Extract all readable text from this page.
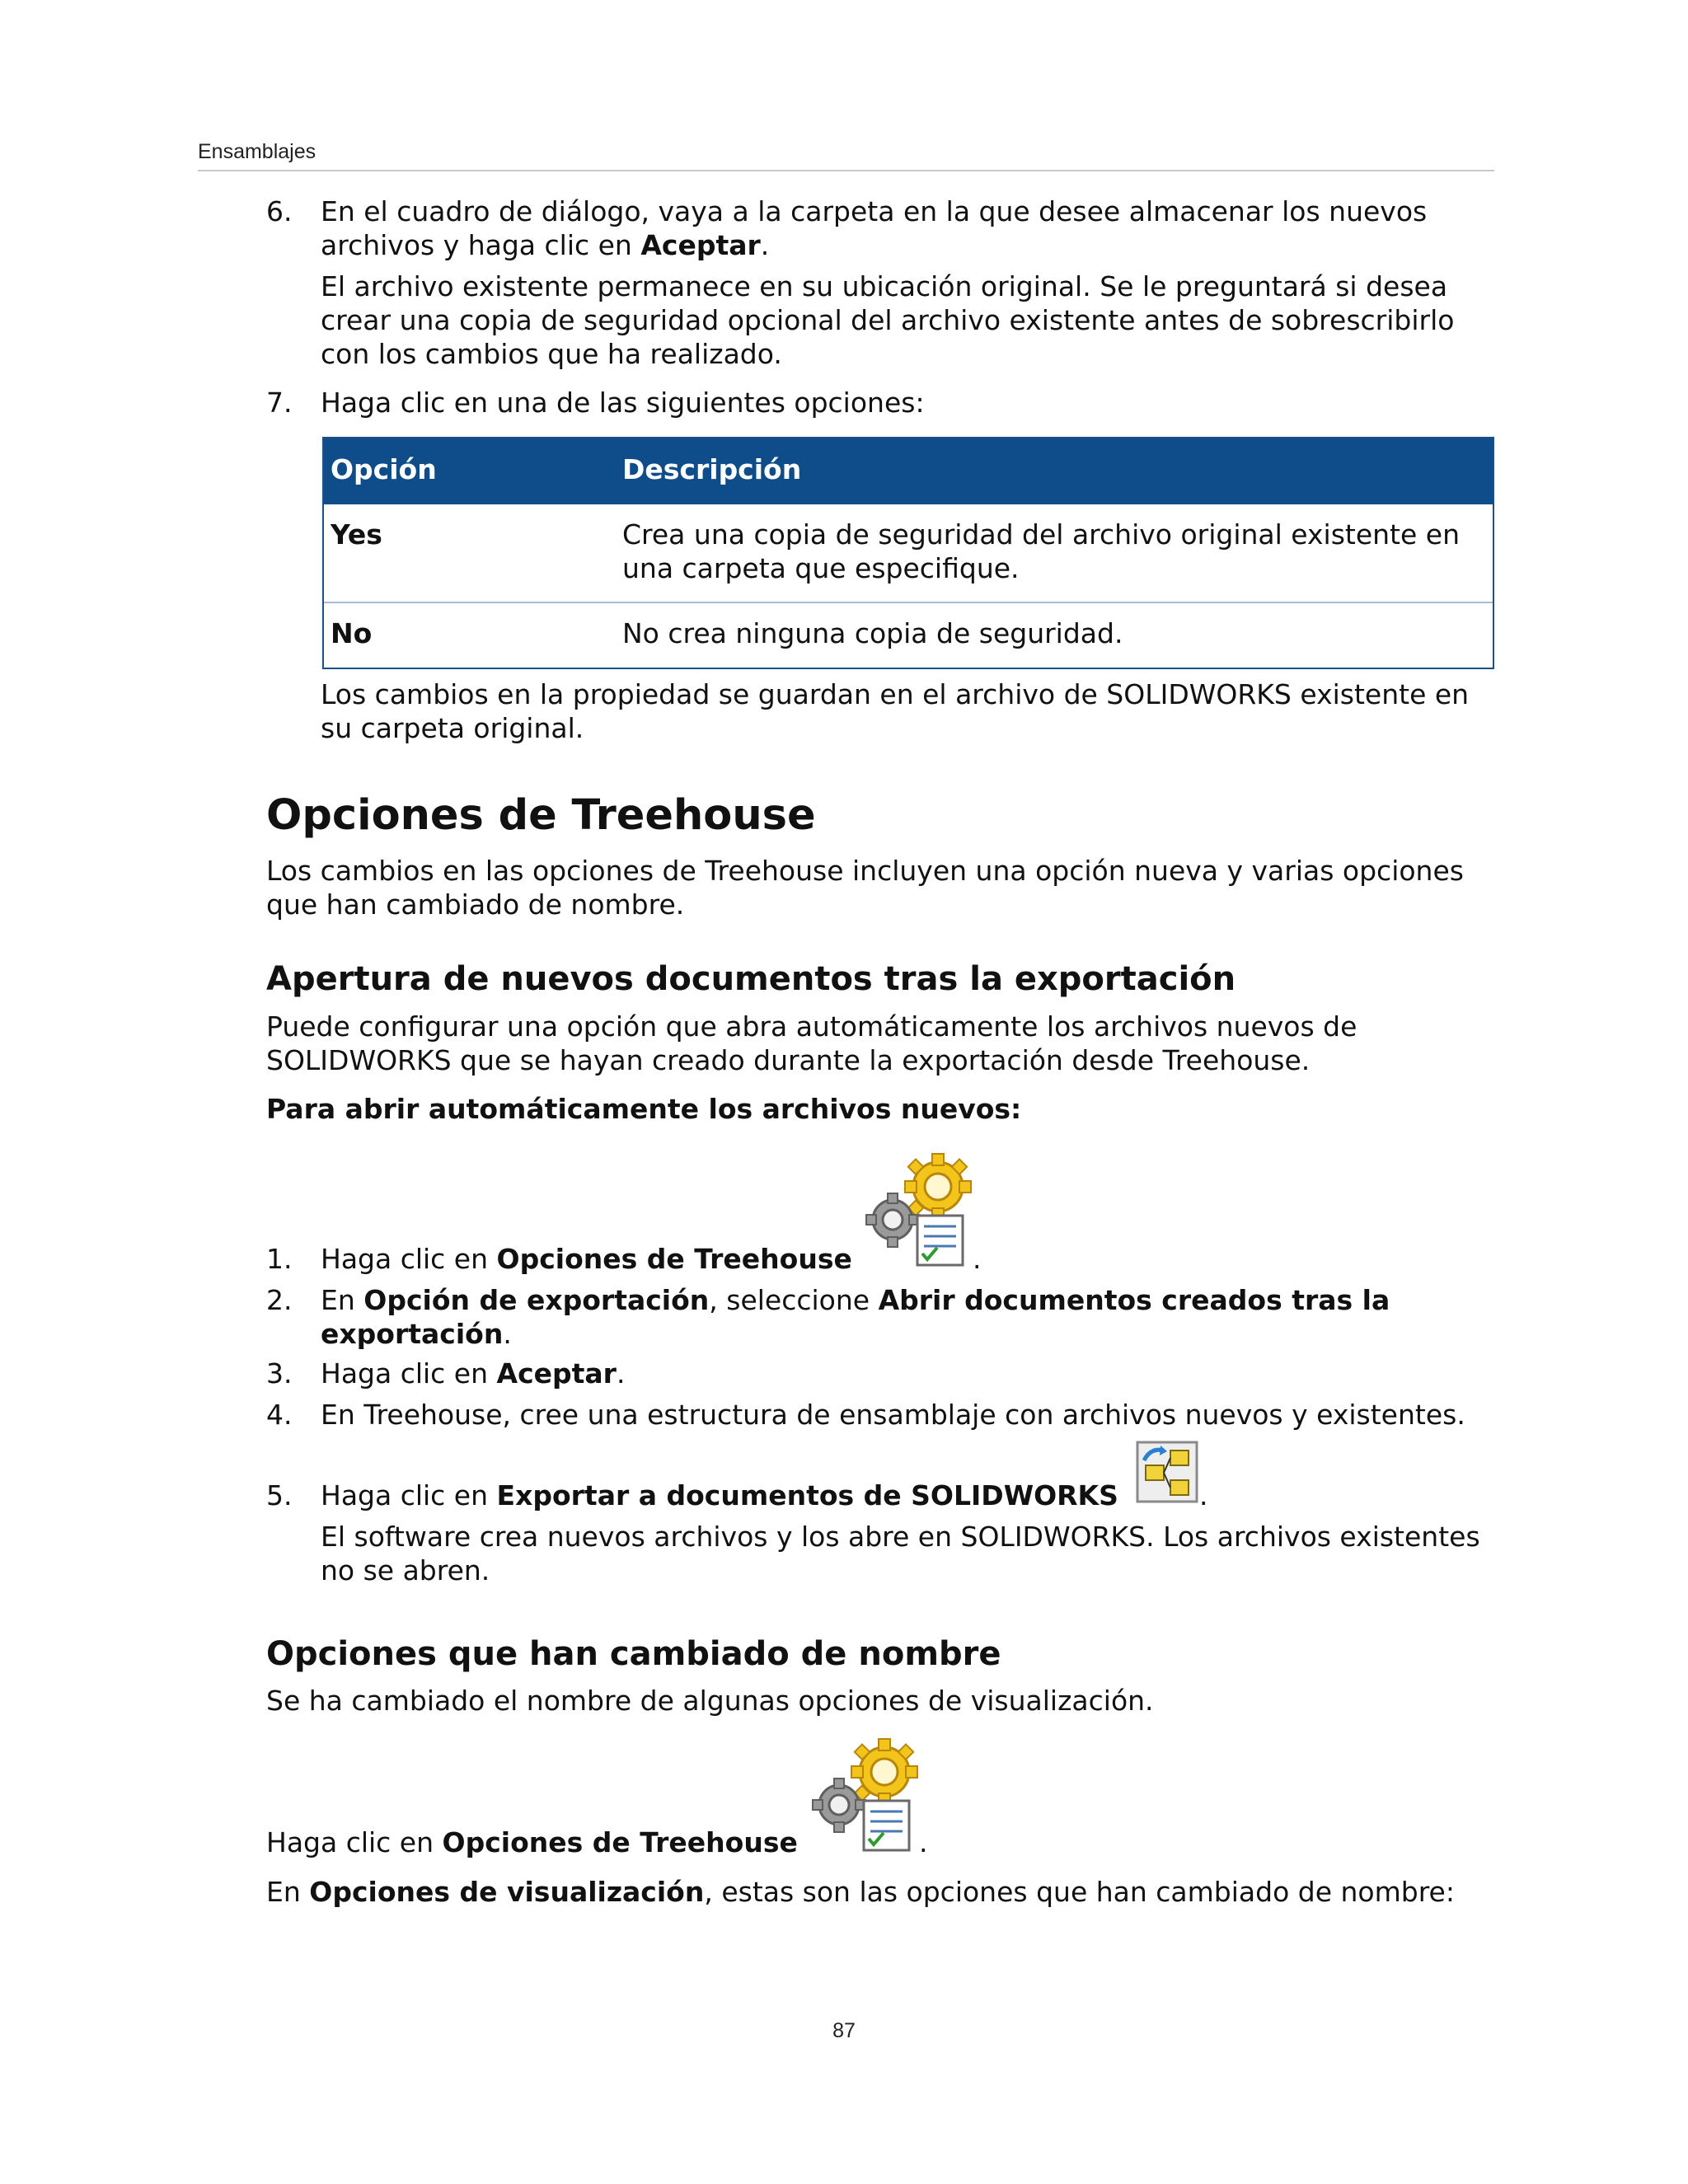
Ensamblajes
6. En el cuadro de diálogo, vaya a la carpeta en la que desee almacenar los nuevos
archivos y haga clic en Aceptar.
El archivo existente permanece en su ubicación original. Se le preguntará si desea
crear una copia de seguridad opcional del archivo existente antes de sobrescribirlo
con los cambios que ha realizado.
7. Haga clic en una de las siguientes opciones:
Opción	Descripción
Yes	Crea una copia de seguridad del archivo original existente en
una carpeta que especifique.
No	No crea ninguna copia de seguridad.
Los cambios en la propiedad se guardan en el archivo de SOLIDWORKS existente en
su carpeta original.
Opciones de Treehouse
Los cambios en las opciones de Treehouse incluyen una opción nueva y varias opciones
que han cambiado de nombre.
Apertura de nuevos documentos tras la exportación
Puede configurar una opción que abra automáticamente los archivos nuevos de
SOLIDWORKS que se hayan creado durante la exportación desde Treehouse.
Para abrir automáticamente los archivos nuevos:
1. Haga clic en Opciones de Treehouse	.
2. En Opción de exportación, seleccione Abrir documentos creados tras la
exportación.
3. Haga clic en Aceptar.
4. En Treehouse, cree una estructura de ensamblaje con archivos nuevos y existentes.
5. Haga clic en Exportar a documentos de SOLIDWORKS	.
El software crea nuevos archivos y los abre en SOLIDWORKS. Los archivos existentes
no se abren.
Opciones que han cambiado de nombre
Se ha cambiado el nombre de algunas opciones de visualización.
Haga clic en Opciones de Treehouse	.
En Opciones de visualización, estas son las opciones que han cambiado de nombre:
87
